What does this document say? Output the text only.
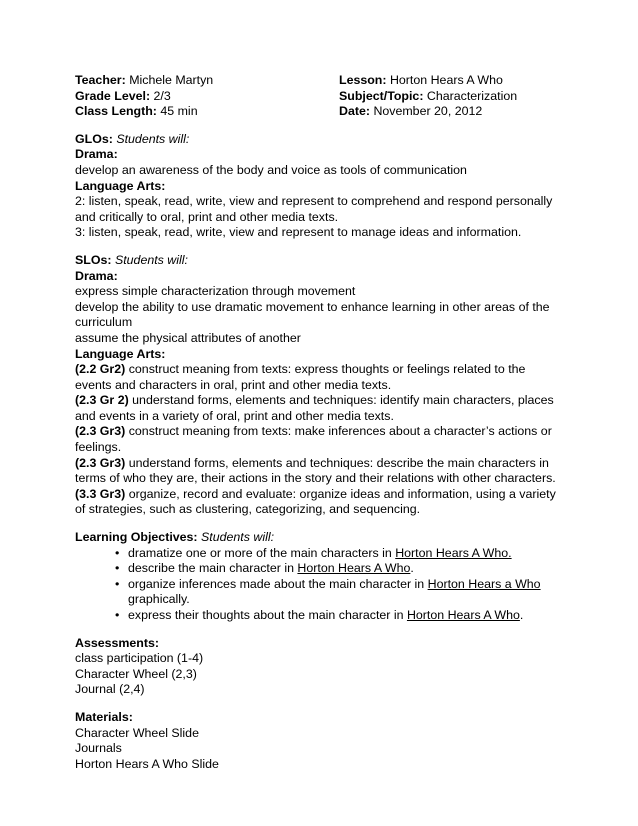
Teacher: Michele Martyn	Lesson: Horton Hears A Who
Grade Level: 2/3	Subject/Topic: Characterization
Class Length: 45 min	Date: November 20, 2012
GLOs: Students will:
Drama:
develop an awareness of the body and voice as tools of communication
Language Arts:
2: listen, speak, read, write, view and represent to comprehend and respond personally
and critically to oral, print and other media texts.
3: listen, speak, read, write, view and represent to manage ideas and information.
SLOs: Students will:
Drama:
express simple characterization through movement
develop the ability to use dramatic movement to enhance learning in other areas of the
curriculum
assume the physical attributes of another
Language Arts:
(2.2 Gr2) construct meaning from texts: express thoughts or feelings related to the
events and characters in oral, print and other media texts.
(2.3 Gr 2) understand forms, elements and techniques: identify main characters, places
and events in a variety of oral, print and other media texts.
(2.3 Gr3) construct meaning from texts: make inferences about a character’s actions or
feelings.
(2.3 Gr3) understand forms, elements and techniques: describe the main characters in
terms of who they are, their actions in the story and their relations with other characters.
(3.3 Gr3) organize, record and evaluate: organize ideas and information, using a variety
of strategies, such as clustering, categorizing, and sequencing.
Learning Objectives: Students will:
• dramatize one or more of the main characters in Horton Hears A Who.
• describe the main character in Horton Hears A Who.
• organize inferences made about the main character in Horton Hears a Who
graphically.
• express their thoughts about the main character in Horton Hears A Who.
Assessments:
class participation (1-4)
Character Wheel (2,3)
Journal (2,4)
Materials:
Character Wheel Slide
Journals
Horton Hears A Who Slide
